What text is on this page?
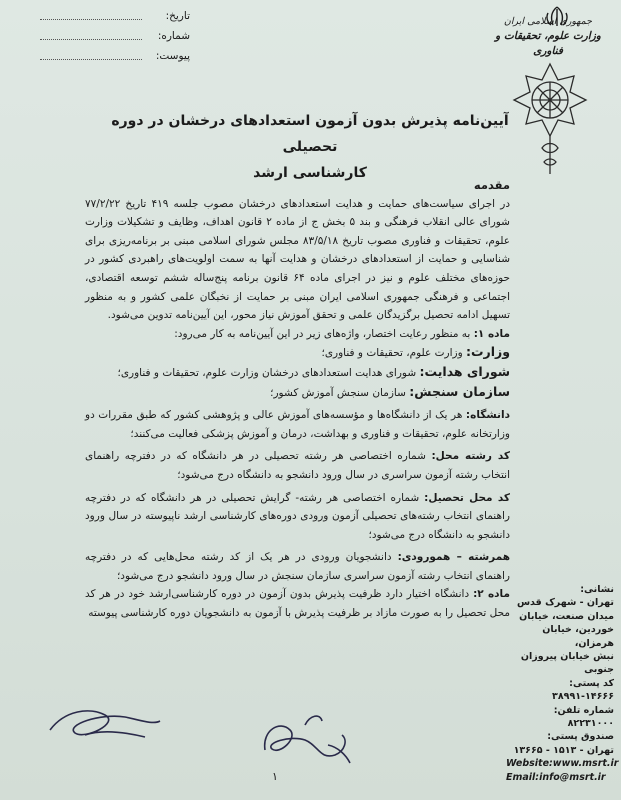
تاریخ:
شماره:
پیوست:
جمهوری اسلامی ایران
وزارت علوم، تحقیقات و فناوری
آیین‌نامه پذیرش بدون آزمون استعدادهای درخشان در دوره تحصیلی
کارشناسی ارشد

مقدمه

در اجرای سیاست‌های حمایت و هدایت استعدادهای درخشان مصوب جلسه ۴۱۹ تاریخ ۷۷/۲/۲۲ شورای عالی انقلاب فرهنگی و بند ۵ بخش ج از ماده ۲ قانون اهداف، وظایف و تشکیلات وزارت علوم، تحقیقات و فناوری مصوب تاریخ ۸۳/۵/۱۸ مجلس شورای اسلامی مبنی بر برنامه‌ریزی برای شناسایی و حمایت از استعدادهای درخشان و هدایت آنها به سمت اولویت‌های راهبردی کشور در حوزه‌های مختلف علوم و نیز در اجرای ماده ۶۴ قانون برنامه پنج‌ساله ششم توسعه اقتصادی، اجتماعی و فرهنگی جمهوری اسلامی ایران مبنی بر حمایت از نخبگان علمی کشور و به منظور تسهیل ادامه تحصیل برگزیدگان علمی و تحقق آموزش نیاز محور، این آیین‌نامه تدوین می‌شود.

ماده ۱: به منظور رعایت اختصار، واژه‌های زیر در این آیین‌نامه به کار می‌رود:

وزارت: وزارت علوم، تحقیقات و فناوری؛

شورای هدایت: شورای هدایت استعدادهای درخشان وزارت علوم، تحقیقات و فناوری؛

سازمان سنجش: سازمان سنجش آموزش کشور؛

دانشگاه: هر یک از دانشگاه‌ها و مؤسسه‌های آموزش عالی و پژوهشی کشور که طبق مقررات دو وزارتخانه علوم، تحقیقات و فناوری و بهداشت، درمان و آموزش پزشکی فعالیت می‌کنند؛

کد رشته محل: شماره اختصاصی هر رشته تحصیلی در هر دانشگاه که در دفترچه راهنمای انتخاب رشته آزمون سراسری در سال ورود دانشجو به دانشگاه درج می‌شود؛

کد محل تحصیل: شماره اختصاصی هر رشته- گرایش تحصیلی در هر دانشگاه که در دفترچه راهنمای انتخاب رشته‌های تحصیلی آزمون ورودی دوره‌های کارشناسی ارشد ناپیوسته در سال ورود دانشجو به دانشگاه درج می‌شود؛

همرشته – همورودی: دانشجویان ورودی در هر یک از کد رشته محل‌هایی که در دفترچه راهنمای انتخاب رشته آزمون سراسری سازمان سنجش در سال ورود دانشجو درج می‌شود؛

ماده ۲: دانشگاه اختیار دارد ظرفیت پذیرش بدون آزمون در دوره کارشناسی‌ارشد خود در هر کد محل تحصیل را به صورت مازاد بر ظرفیت پذیرش با آزمون به دانشجویان دوره کارشناسی پیوسته

نشانی:
تهران - شهرک قدس
میدان صنعت، خیابان
خوردین، خیابان هرمزان،
نبش خیابان پیروزان جنوبی
کد پستی: ۱۴۶۶۶-۳۸۹۹۱
شماره تلفن: ۸۲۲۳۱۰۰۰
صندوق پستی:
تهران - ۱۵۱۳ - ۱۳۶۶۵
Website:www.msrt.ir
Email:info@msrt.ir
۱
